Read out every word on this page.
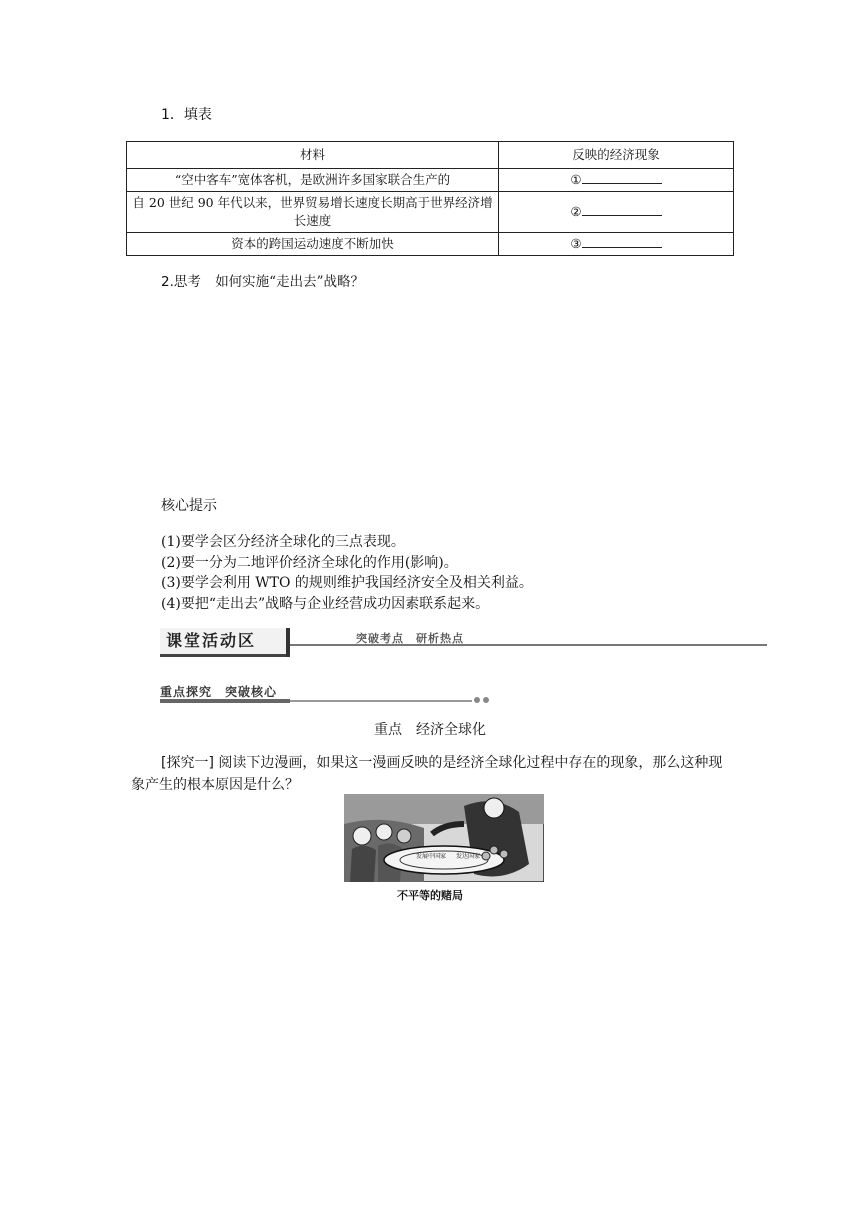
1．填表
材料	反映的经济现象
“空中客车”宽体客机，是欧洲许多国家联合生产的	①
自 20 世纪 90 年代以来，世界贸易增长速度长期高于世界经济增长速度	②
资本的跨国运动速度不断加快	③
2.思考 如何实施“走出去”战略？
核心提示
(1)要学会区分经济全球化的三点表现。
(2)要一分为二地评价经济全球化的作用(影响)。
(3)要学会利用 WTO 的规则维护我国经济安全及相关利益。
(4)要把“走出去”战略与企业经营成功因素联系起来。
课堂活动区	突破考点　研析热点
重点探究　突破核心
重点 经济全球化
[探究一] 阅读下边漫画，如果这一漫画反映的是经济全球化过程中存在的现象，那么这种现象产生的根本原因是什么？
发展中国家 发达国家
不平等的赌局
